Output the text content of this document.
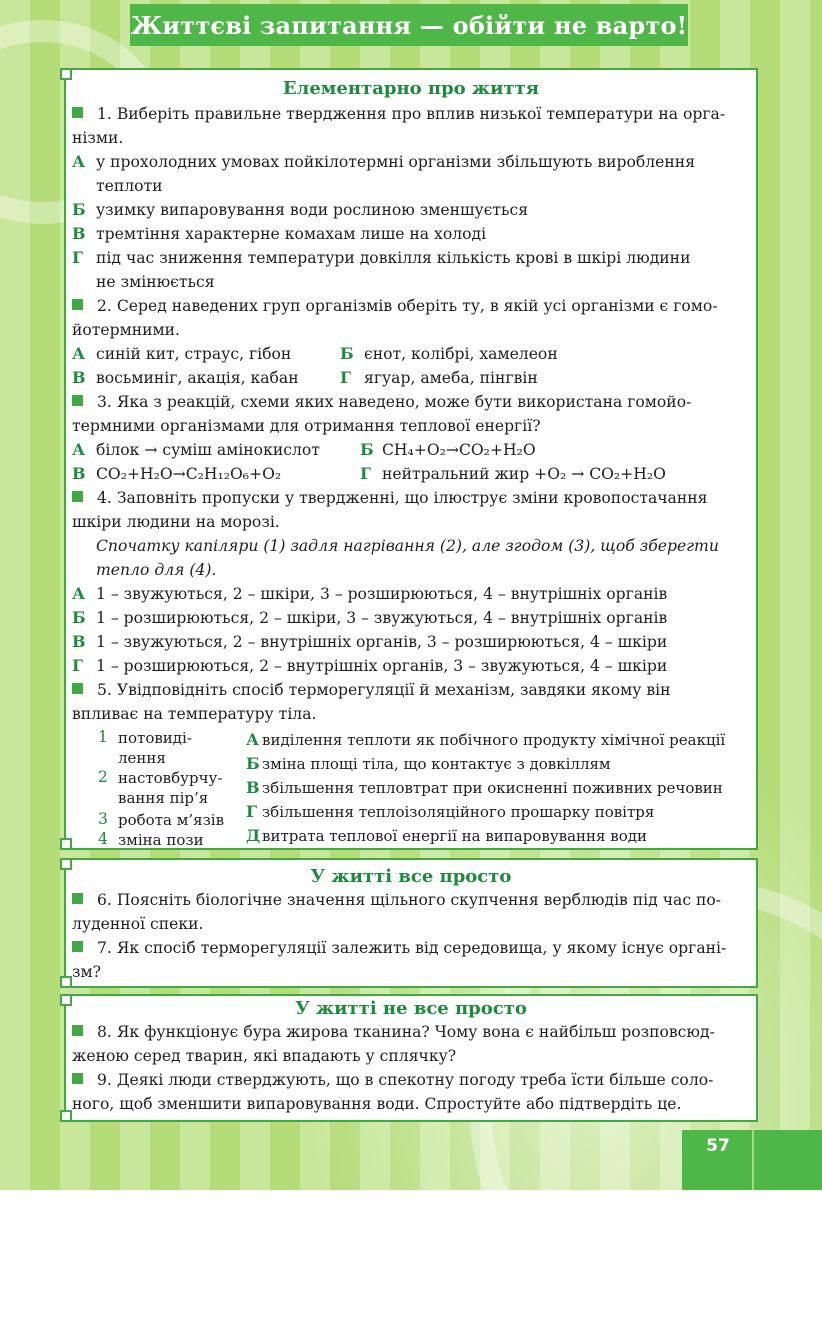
Життєві запитання — обійти не варто!
Елементарно про життя
1. Виберіть правильне твердження про вплив низької температури на орга-
нізми.
А у прохолодних умовах пойкілотермні організми збільшують вироблення
теплоти
Б узимку випаровування води рослиною зменшується
В тремтіння характерне комахам лише на холоді
Г під час зниження температури довкілля кількість крові в шкірі людини
не змінюється
2. Серед наведених груп організмів оберіть ту, в якій усі організми є гомо-
йотермними.
А синій кит, страус, гібон	Б єнот, колібрі, хамелеон
В восьминіг, акація, кабан	Г ягуар, амеба, пінгвін
3. Яка з реакцій, схеми яких наведено, може бути використана гомойо-
термними організмами для отримання теплової енергії?
А білок → суміш амінокислот	Б CH₄+O₂→CO₂+H₂O
В CO₂+H₂O→C₂H₁₂O₆+O₂	Г нейтральний жир +O₂ → CO₂+H₂O
4. Заповніть пропуски у твердженні, що ілюструє зміни кровопостачання
шкіри людини на морозі.
Спочатку капіляри (1) задля нагрівання (2), але згодом (3), щоб зберегти
тепло для (4).
А 1 – звужуються, 2 – шкіри, 3 – розширюються, 4 – внутрішніх органів
Б 1 – розширюються, 2 – шкіри, 3 – звужуються, 4 – внутрішніх органів
В 1 – звужуються, 2 – внутрішніх органів, 3 – розширюються, 4 – шкіри
Г 1 – розширюються, 2 – внутрішніх органів, 3 – звужуються, 4 – шкіри
5. Увідповідніть спосіб терморегуляції й механізм, завдяки якому він
впливає на температуру тіла.
1 потовиді-
лення
2 настовбурчу-
вання пір’я
3 робота м’язів
4 зміна пози
А виділення теплоти як побічного продукту хімічної реакції
Б зміна площі тіла, що контактує з довкіллям
В збільшення тепловтрат при окисненні поживних речовин
Г збільшення теплоізоляційного прошарку повітря
Д витрата теплової енергії на випаровування води
У житті все просто
6. Поясніть біологічне значення щільного скупчення верблюдів під час по-
луденної спеки.
7. Як спосіб терморегуляції залежить від середовища, у якому існує органі-
зм?
У житті не все просто
8. Як функціонує бура жирова тканина? Чому вона є найбільш розповсюд-
женою серед тварин, які впадають у сплячку?
9. Деякі люди стверджують, що в спекотну погоду треба їсти більше соло-
ного, щоб зменшити випаровування води. Спростуйте або підтвердіть це.
57
